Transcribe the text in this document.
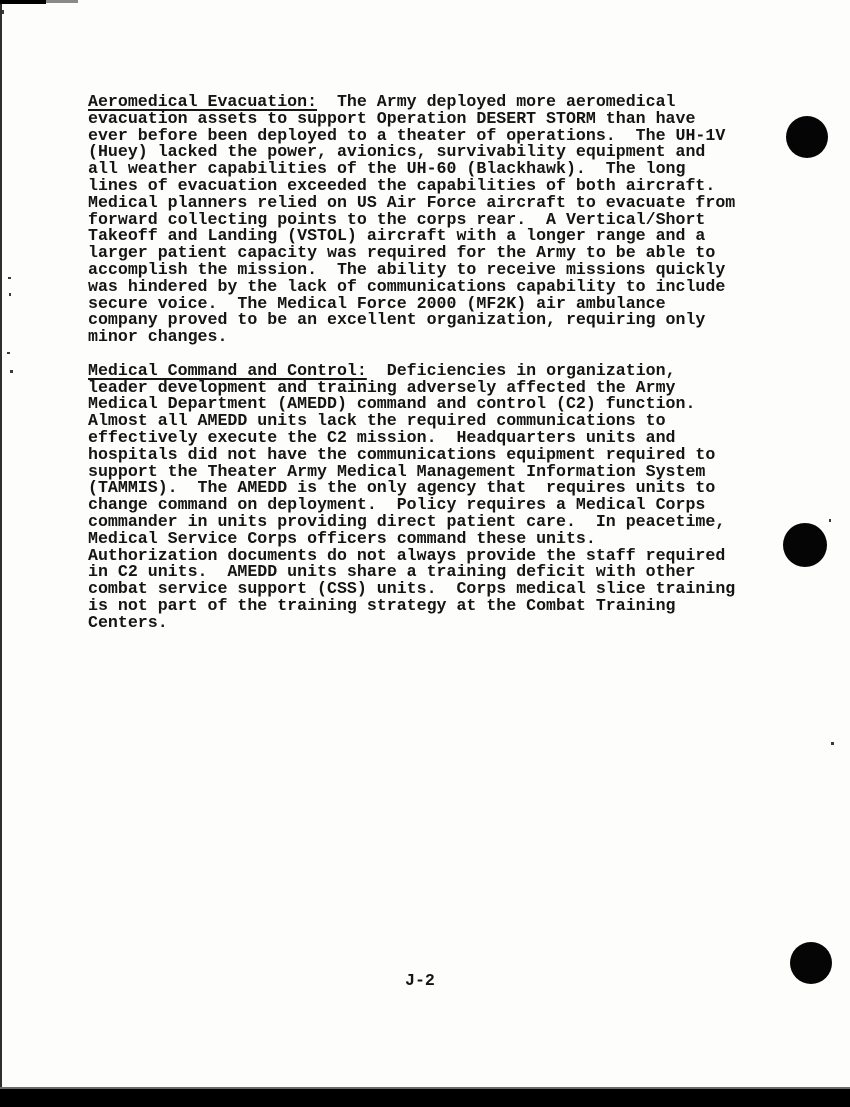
Aeromedical Evacuation:  The Army deployed more aeromedical
evacuation assets to support Operation DESERT STORM than have
ever before been deployed to a theater of operations.  The UH-1V
(Huey) lacked the power, avionics, survivability equipment and
all weather capabilities of the UH-60 (Blackhawk).  The long
lines of evacuation exceeded the capabilities of both aircraft.
Medical planners relied on US Air Force aircraft to evacuate from
forward collecting points to the corps rear.  A Vertical/Short
Takeoff and Landing (VSTOL) aircraft with a longer range and a
larger patient capacity was required for the Army to be able to
accomplish the mission.  The ability to receive missions quickly
was hindered by the lack of communications capability to include
secure voice.  The Medical Force 2000 (MF2K) air ambulance
company proved to be an excellent organization, requiring only
minor changes.
Medical Command and Control:  Deficiencies in organization,
leader development and training adversely affected the Army
Medical Department (AMEDD) command and control (C2) function.
Almost all AMEDD units lack the required communications to
effectively execute the C2 mission.  Headquarters units and
hospitals did not have the communications equipment required to
support the Theater Army Medical Management Information System
(TAMMIS).  The AMEDD is the only agency that  requires units to
change command on deployment.  Policy requires a Medical Corps
commander in units providing direct patient care.  In peacetime,
Medical Service Corps officers command these units.
Authorization documents do not always provide the staff required
in C2 units.  AMEDD units share a training deficit with other
combat service support (CSS) units.  Corps medical slice training
is not part of the training strategy at the Combat Training
Centers.
J-2
